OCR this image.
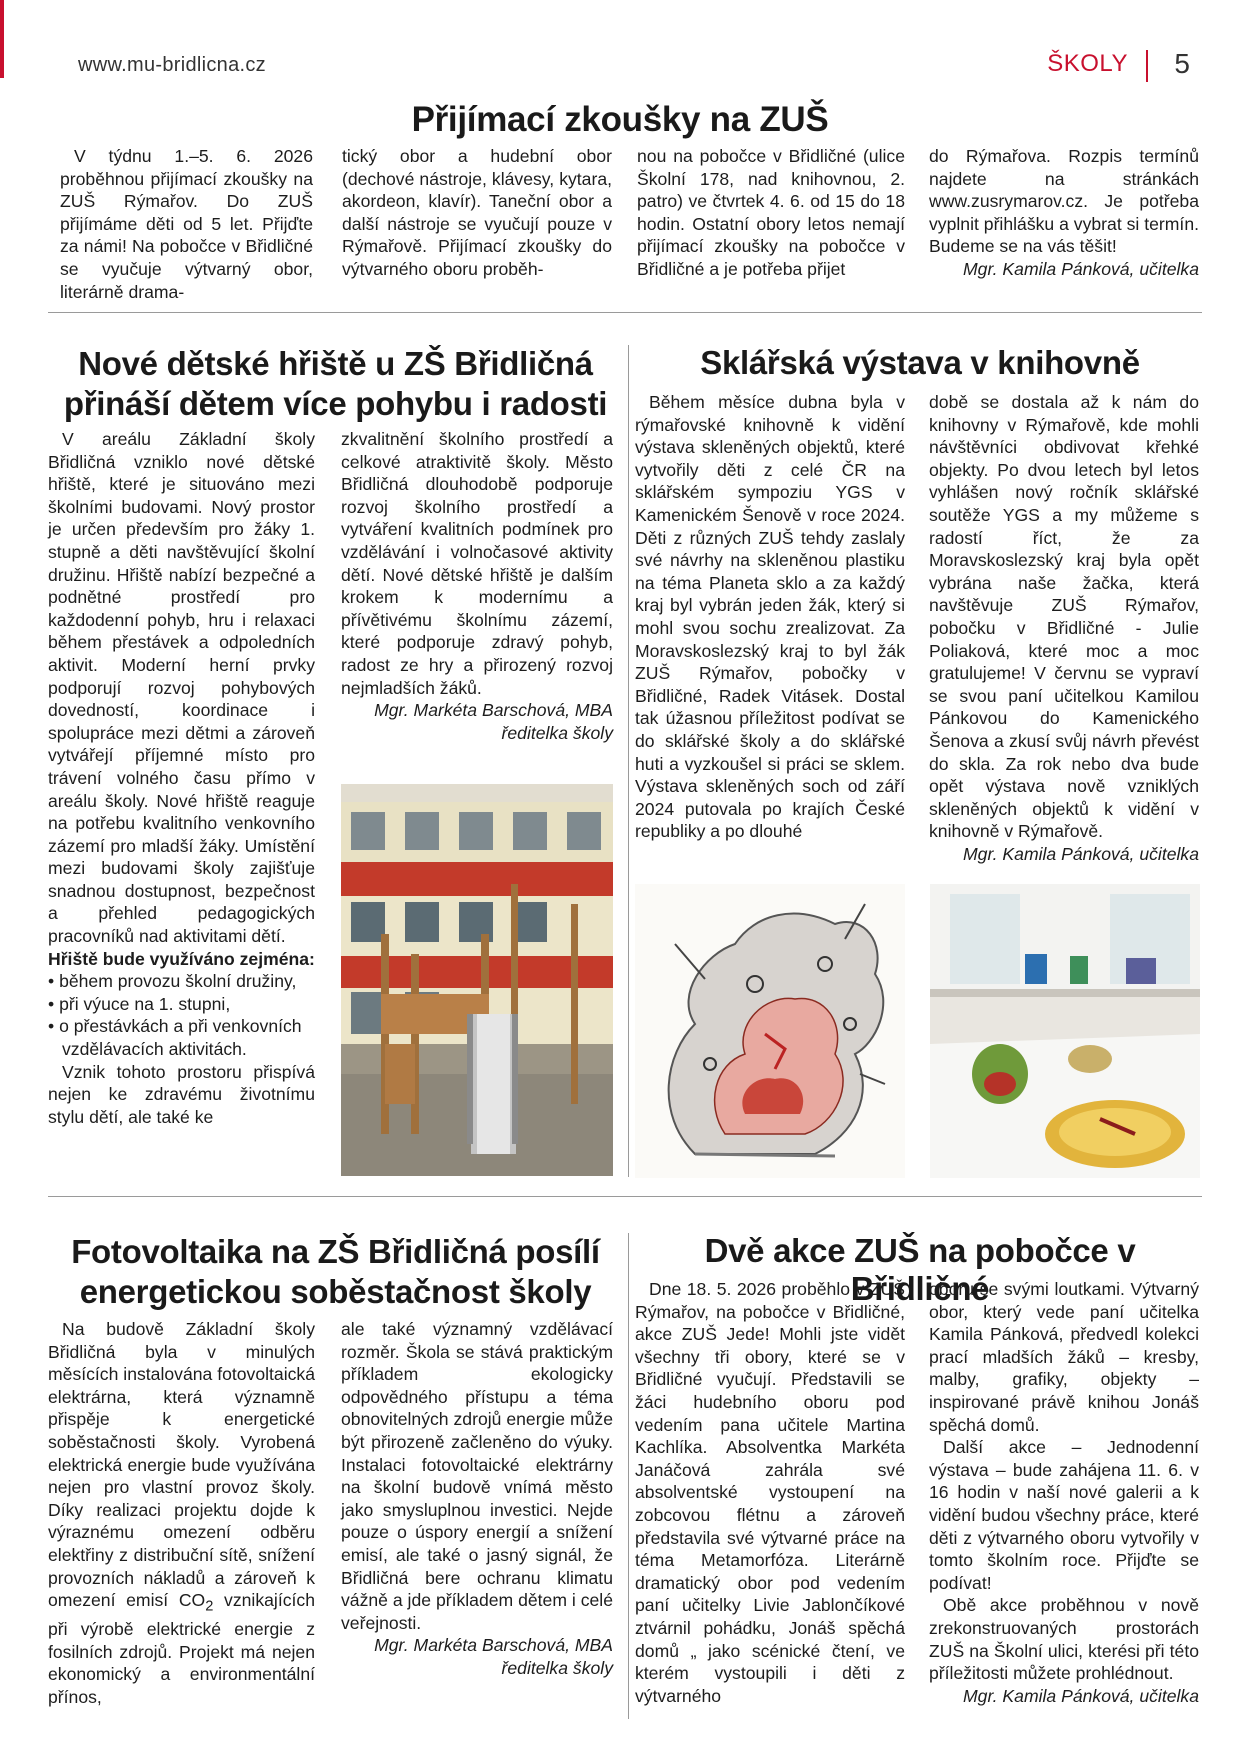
www.mu-bridlicna.cz	ŠKOLY 5
Přijímací zkoušky na ZUŠ

V týdnu 1.–5. 6. 2026 proběhnou přijímací zkoušky na ZUŠ Rýmařov. Do ZUŠ přijímáme děti od 5 let. Přijďte za námi! Na pobočce v Břidličné se vyučuje výtvarný obor, literárně drama-

tický obor a hudební obor (dechové nástroje, klávesy, kytara, akordeon, klavír). Taneční obor a další nástroje se vyučují pouze v Rýmařově. Přijímací zkoušky do výtvarného oboru proběh-

nou na pobočce v Břidličné (ulice Školní 178, nad knihovnou, 2. patro) ve čtvrtek 4. 6. od 15 do 18 hodin. Ostatní obory letos nemají přijímací zkoušky na pobočce v Břidličné a je potřeba přijet

do Rýmařova. Rozpis termínů najdete na stránkách www.zusrymarov.cz. Je potřeba vyplnit přihlášku a vybrat si termín. Budeme se na vás těšit!

Mgr. Kamila Pánková, učitelka

Nové dětské hřiště u ZŠ Břidličná
přináší dětem více pohybu i radosti

V areálu Základní školy Břidličná vzniklo nové dětské hřiště, které je situováno mezi školními budovami. Nový prostor je určen především pro žáky 1. stupně a děti navštěvující školní družinu. Hřiště nabízí bezpečné a podnětné prostředí pro každodenní pohyb, hru i relaxaci během přestávek a odpoledních aktivit. Moderní herní prvky podporují rozvoj pohybových dovedností, koordinace i spolupráce mezi dětmi a zároveň vytvářejí příjemné místo pro trávení volného času přímo v areálu školy. Nové hřiště reaguje na potřebu kvalitního venkovního zázemí pro mladší žáky. Umístění mezi budovami školy zajišťuje snadnou dostupnost, bezpečnost a přehled pedagogických pracovníků nad aktivitami dětí.

Hřiště bude využíváno zejména:

• během provozu školní družiny,
• při výuce na 1. stupni,
• o přestávkách a při venkovních vzdělávacích aktivitách.

Vznik tohoto prostoru přispívá nejen ke zdravému životnímu stylu dětí, ale také ke

zkvalitnění školního prostředí a celkové atraktivitě školy. Město Břidličná dlouhodobě podporuje rozvoj školního prostředí a vytváření kvalitních podmínek pro vzdělávání i volnočasové aktivity dětí. Nové dětské hřiště je dalším krokem k modernímu a přívětivému školnímu zázemí, které podporuje zdravý pohyb, radost ze hry a přirozený rozvoj nejmladších žáků.

Mgr. Markéta Barschová, MBA

ředitelka školy

Sklářská výstava v knihovně

Během měsíce dubna byla v rýmařovské knihovně k vidění výstava skleněných objektů, které vytvořily děti z celé ČR na sklářském sympoziu YGS v Kamenickém Šenově v roce 2024. Děti z různých ZUŠ tehdy zaslaly své návrhy na skleněnou plastiku na téma Planeta sklo a za každý kraj byl vybrán jeden žák, který si mohl svou sochu zrealizovat. Za Moravskoslezský kraj to byl žák ZUŠ Rýmařov, pobočky v Břidličné, Radek Vitásek. Dostal tak úžasnou příležitost podívat se do sklářské školy a do sklářské huti a vyzkoušel si práci se sklem. Výstava skleněných soch od září 2024 putovala po krajích České republiky a po dlouhé

době se dostala až k nám do knihovny v Rýmařově, kde mohli návštěvníci obdivovat křehké objekty. Po dvou letech byl letos vyhlášen nový ročník sklářské soutěže YGS a my můžeme s radostí říct, že za Moravskoslezský kraj byla opět vybrána naše žačka, která navštěvuje ZUŠ Rýmařov, pobočku v Břidličné - Julie Poliaková, které moc a moc gratulujeme! V červnu se vypraví se svou paní učitelkou Kamilou Pánkovou do Kamenického Šenova a zkusí svůj návrh převést do skla. Za rok nebo dva bude opět výstava nově vzniklých skleněných objektů k vidění v knihovně v Rýmařově.

Mgr. Kamila Pánková, učitelka

Fotovoltaika na ZŠ Břidličná posílí
energetickou soběstačnost školy

Na budově Základní školy Břidličná byla v minulých měsících instalována fotovoltaická elektrárna, která významně přispěje k energetické soběstačnosti školy. Vyrobená elektrická energie bude využívána nejen pro vlastní provoz školy. Díky realizaci projektu dojde k výraznému omezení odběru elektřiny z distribuční sítě, snížení provozních nákladů a zároveň k omezení emisí $CO_2$ vznikajících při výrobě elektrické energie z fosilních zdrojů. Projekt má nejen ekonomický a environmentální přínos,

ale také významný vzdělávací rozměr. Škola se stává praktickým příkladem ekologicky odpovědného přístupu a téma obnovitelných zdrojů energie může být přirozeně začleněno do výuky. Instalaci fotovoltaické elektrárny na školní budově vnímá město jako smysluplnou investici. Nejde pouze o úspory energií a snížení emisí, ale také o jasný signál, že Břidličná bere ochranu klimatu vážně a jde příkladem dětem i celé veřejnosti.

Mgr. Markéta Barschová, MBA

ředitelka školy

Dvě akce ZUŠ na pobočce v Břidličné

Dne 18. 5. 2026 proběhlo v ZUŠ Rýmařov, na pobočce v Břidličné, akce ZUŠ Jede! Mohli jste vidět všechny tři obory, které se v Břidličné vyučují. Představili se žáci hudebního oboru pod vedením pana učitele Martina Kachlíka. Absolventka Markéta Janáčová zahrála své absolventské vystoupení na zobcovou flétnu a zároveň představila své výtvarné práce na téma Metamorfóza. Literárně dramatický obor pod vedením paní učitelky Livie Jablončíkové ztvárnil pohádku, Jonáš spěchá domů „ jako scénické čtení, ve kterém vystoupili i děti z výtvarného

oboru se svými loutkami. Výtvarný obor, který vede paní učitelka Kamila Pánková, předvedl kolekci prací mladších žáků – kresby, malby, grafiky, objekty – inspirované právě knihou Jonáš spěchá domů.

Další akce – Jednodenní výstava – bude zahájena 11. 6. v 16 hodin v naší nové galerii a k vidění budou všechny práce, které děti z výtvarného oboru vytvořily v tomto školním roce. Přijďte se podívat!

Obě akce proběhnou v nově zrekonstruovaných prostorách ZUŠ na Školní ulici, kterési při této příležitosti můžete prohlédnout.

Mgr. Kamila Pánková, učitelka
